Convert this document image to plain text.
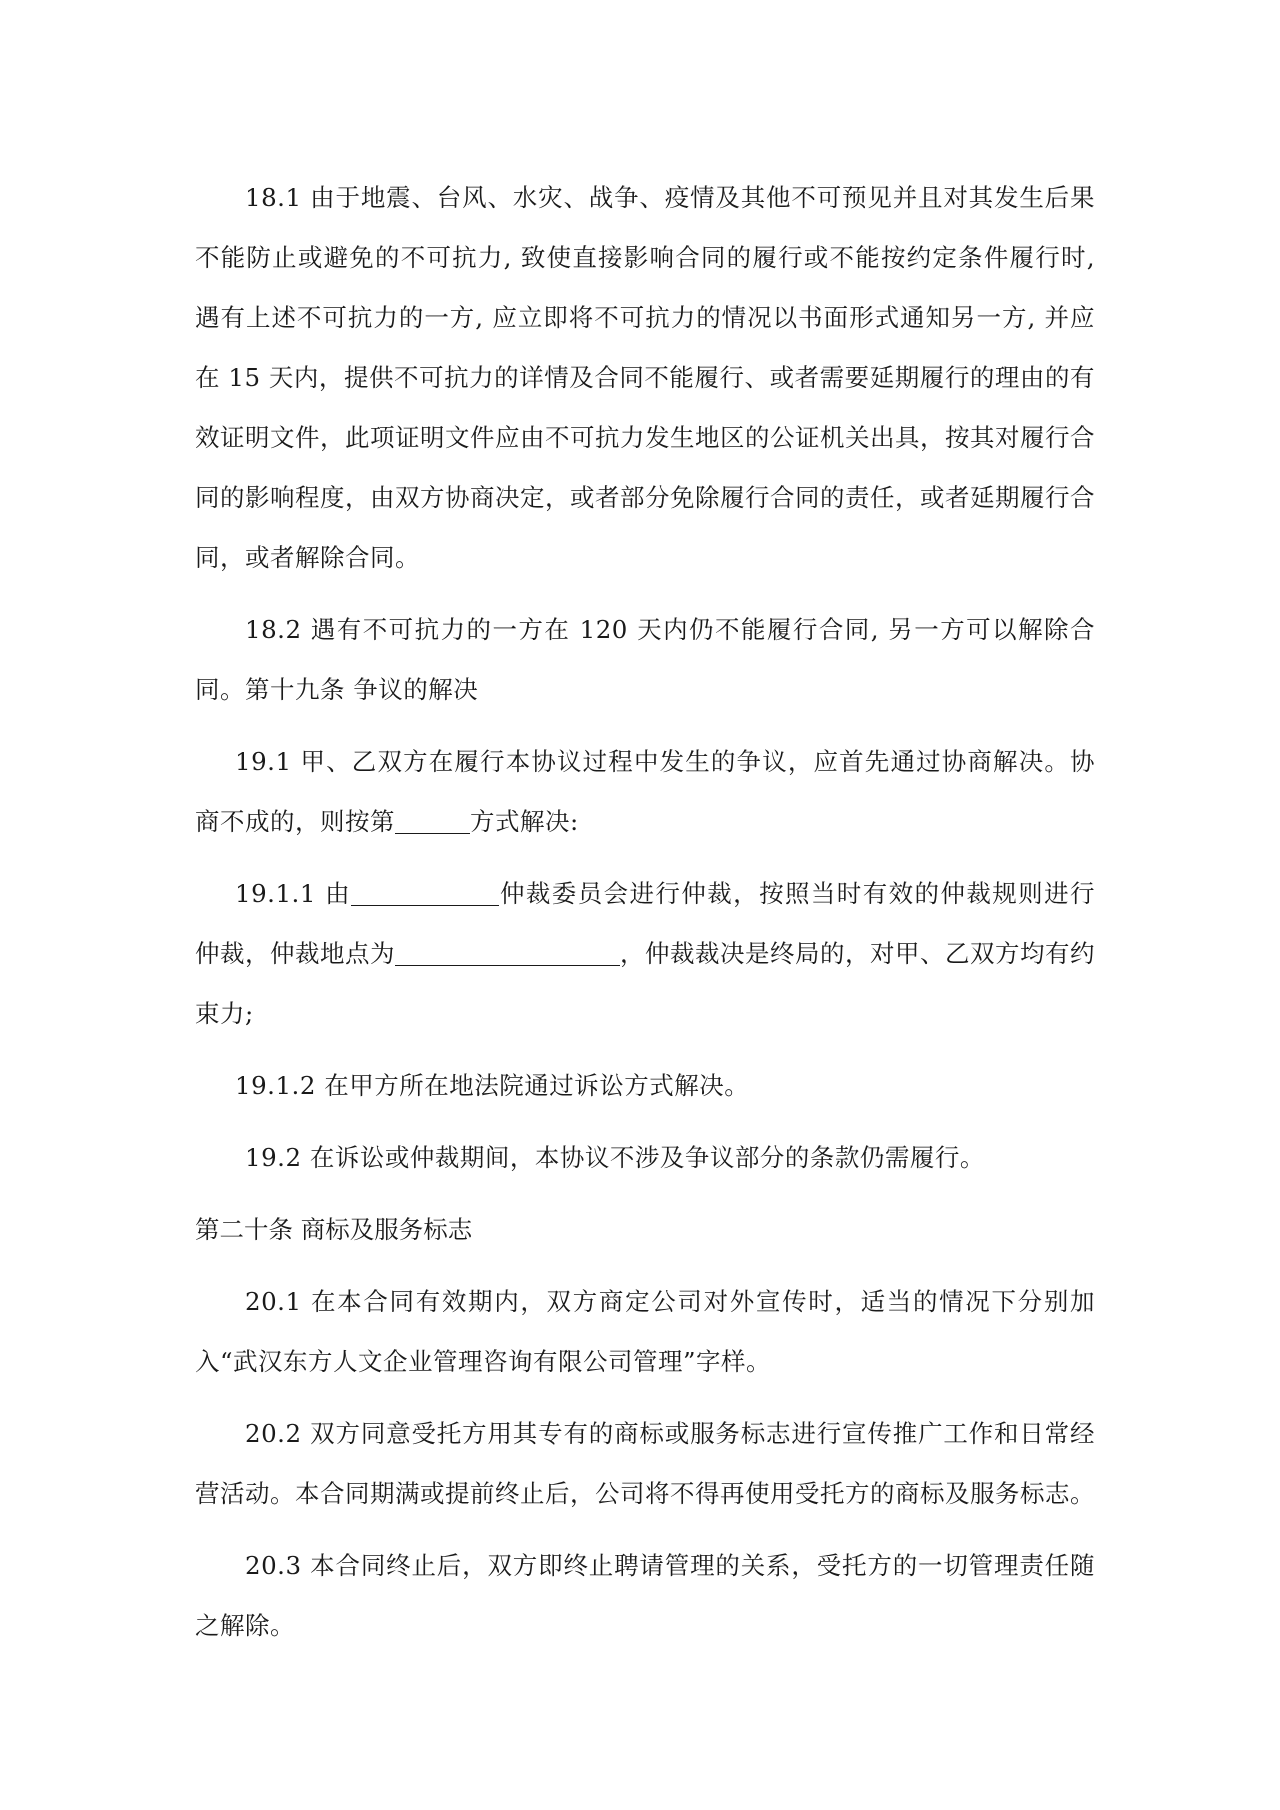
18.1 由于地震、台风、水灾、战争、疫情及其他不可预见并且对其发生后果不能防止或避免的不可抗力, 致使直接影响合同的履行或不能按约定条件履行时, 遇有上述不可抗力的一方, 应立即将不可抗力的情况以书面形式通知另一方, 并应在 15 天内，提供不可抗力的详情及合同不能履行、或者需要延期履行的理由的有效证明文件，此项证明文件应由不可抗力发生地区的公证机关出具，按其对履行合同的影响程度，由双方协商决定，或者部分免除履行合同的责任，或者延期履行合同，或者解除合同。

18.2 遇有不可抗力的一方在 120 天内仍不能履行合同, 另一方可以解除合同。第十九条 争议的解决

19.1 甲、乙双方在履行本协议过程中发生的争议，应首先通过协商解决。协商不成的，则按第	方式解决:

19.1.1 由	仲裁委员会进行仲裁，按照当时有效的仲裁规则进行仲裁，仲裁地点为	，仲裁裁决是终局的，对甲、乙双方均有约束力;

19.1.2 在甲方所在地法院通过诉讼方式解决。

19.2 在诉讼或仲裁期间，本协议不涉及争议部分的条款仍需履行。

第二十条 商标及服务标志

20.1 在本合同有效期内，双方商定公司对外宣传时，适当的情况下分别加入“武汉东方人文企业管理咨询有限公司管理”字样。

20.2 双方同意受托方用其专有的商标或服务标志进行宣传推广工作和日常经营活动。本合同期满或提前终止后，公司将不得再使用受托方的商标及服务标志。

20.3 本合同终止后，双方即终止聘请管理的关系，受托方的一切管理责任随之解除。
